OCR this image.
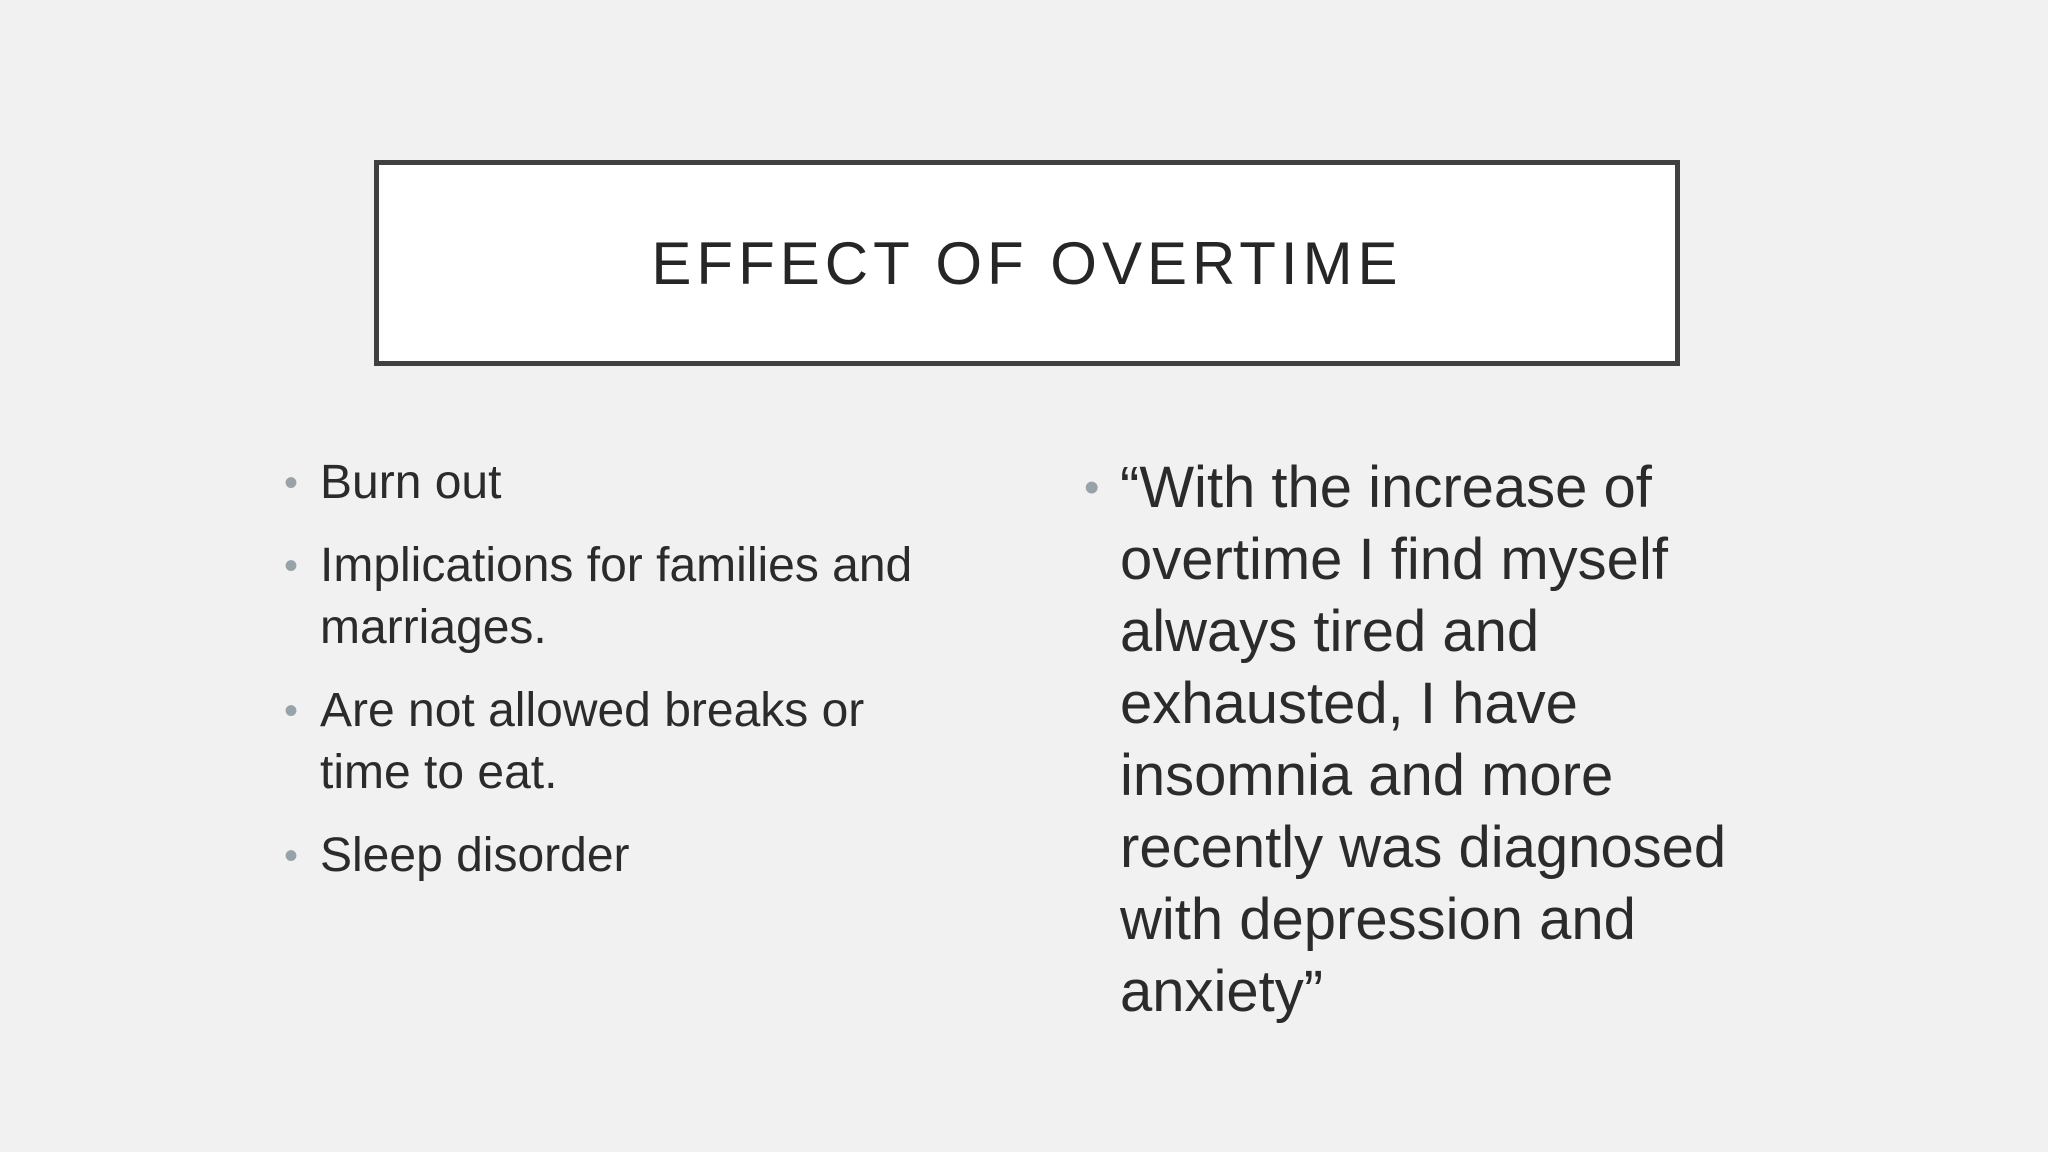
EFFECT OF OVERTIME
• Burn out
• Implications for families and
marriages.
• Are not allowed breaks or
time to eat.
• Sleep disorder
• “With the increase of
overtime I find myself
always tired and
exhausted, I have
insomnia and more
recently was diagnosed
with depression and
anxiety”
